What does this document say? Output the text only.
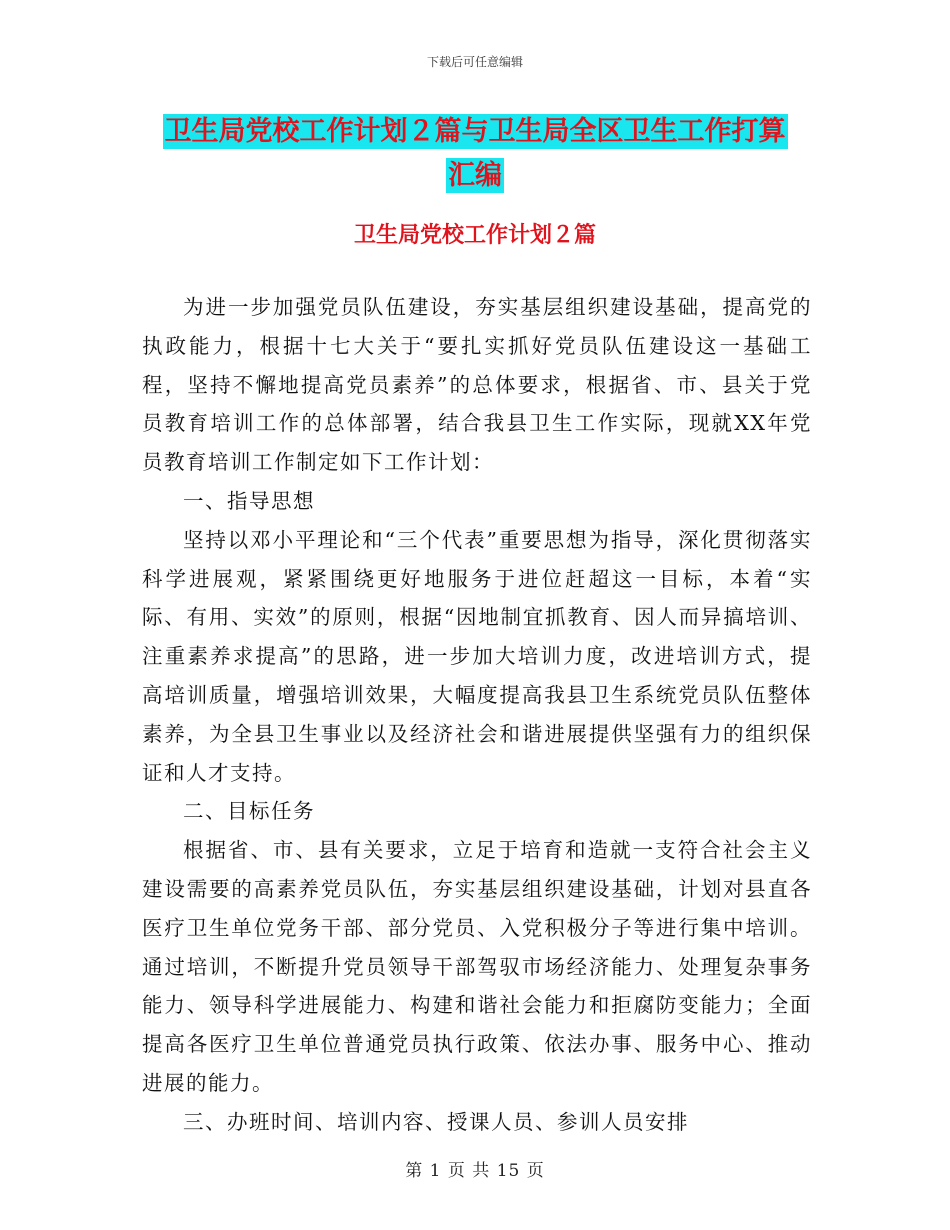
下载后可任意编辑
卫生局党校工作计划２篇与卫生局全区卫生工作打算
汇编
卫生局党校工作计划２篇

为进一步加强党员队伍建设，夯实基层组织建设基础，提高党的执政能力，根据十七大关于“要扎实抓好党员队伍建设这一基础工程，坚持不懈地提高党员素养”的总体要求，根据省、市、县关于党员教育培训工作的总体部署，结合我县卫生工作实际，现就XX年党员教育培训工作制定如下工作计划：

一、指导思想

坚持以邓小平理论和“三个代表”重要思想为指导，深化贯彻落实科学进展观，紧紧围绕更好地服务于进位赶超这一目标，本着“实际、有用、实效”的原则，根据“因地制宜抓教育、因人而异搞培训、注重素养求提高”的思路，进一步加大培训力度，改进培训方式，提高培训质量，增强培训效果，大幅度提高我县卫生系统党员队伍整体素养，为全县卫生事业以及经济社会和谐进展提供坚强有力的组织保证和人才支持。

二、目标任务

根据省、市、县有关要求，立足于培育和造就一支符合社会主义建设需要的高素养党员队伍，夯实基层组织建设基础，计划对县直各医疗卫生单位党务干部、部分党员、入党积极分子等进行集中培训。通过培训，不断提升党员领导干部驾驭市场经济能力、处理复杂事务能力、领导科学进展能力、构建和谐社会能力和拒腐防变能力；全面提高各医疗卫生单位普通党员执行政策、依法办事、服务中心、推动进展的能力。

三、办班时间、培训内容、授课人员、参训人员安排

第 1 页 共 15 页
